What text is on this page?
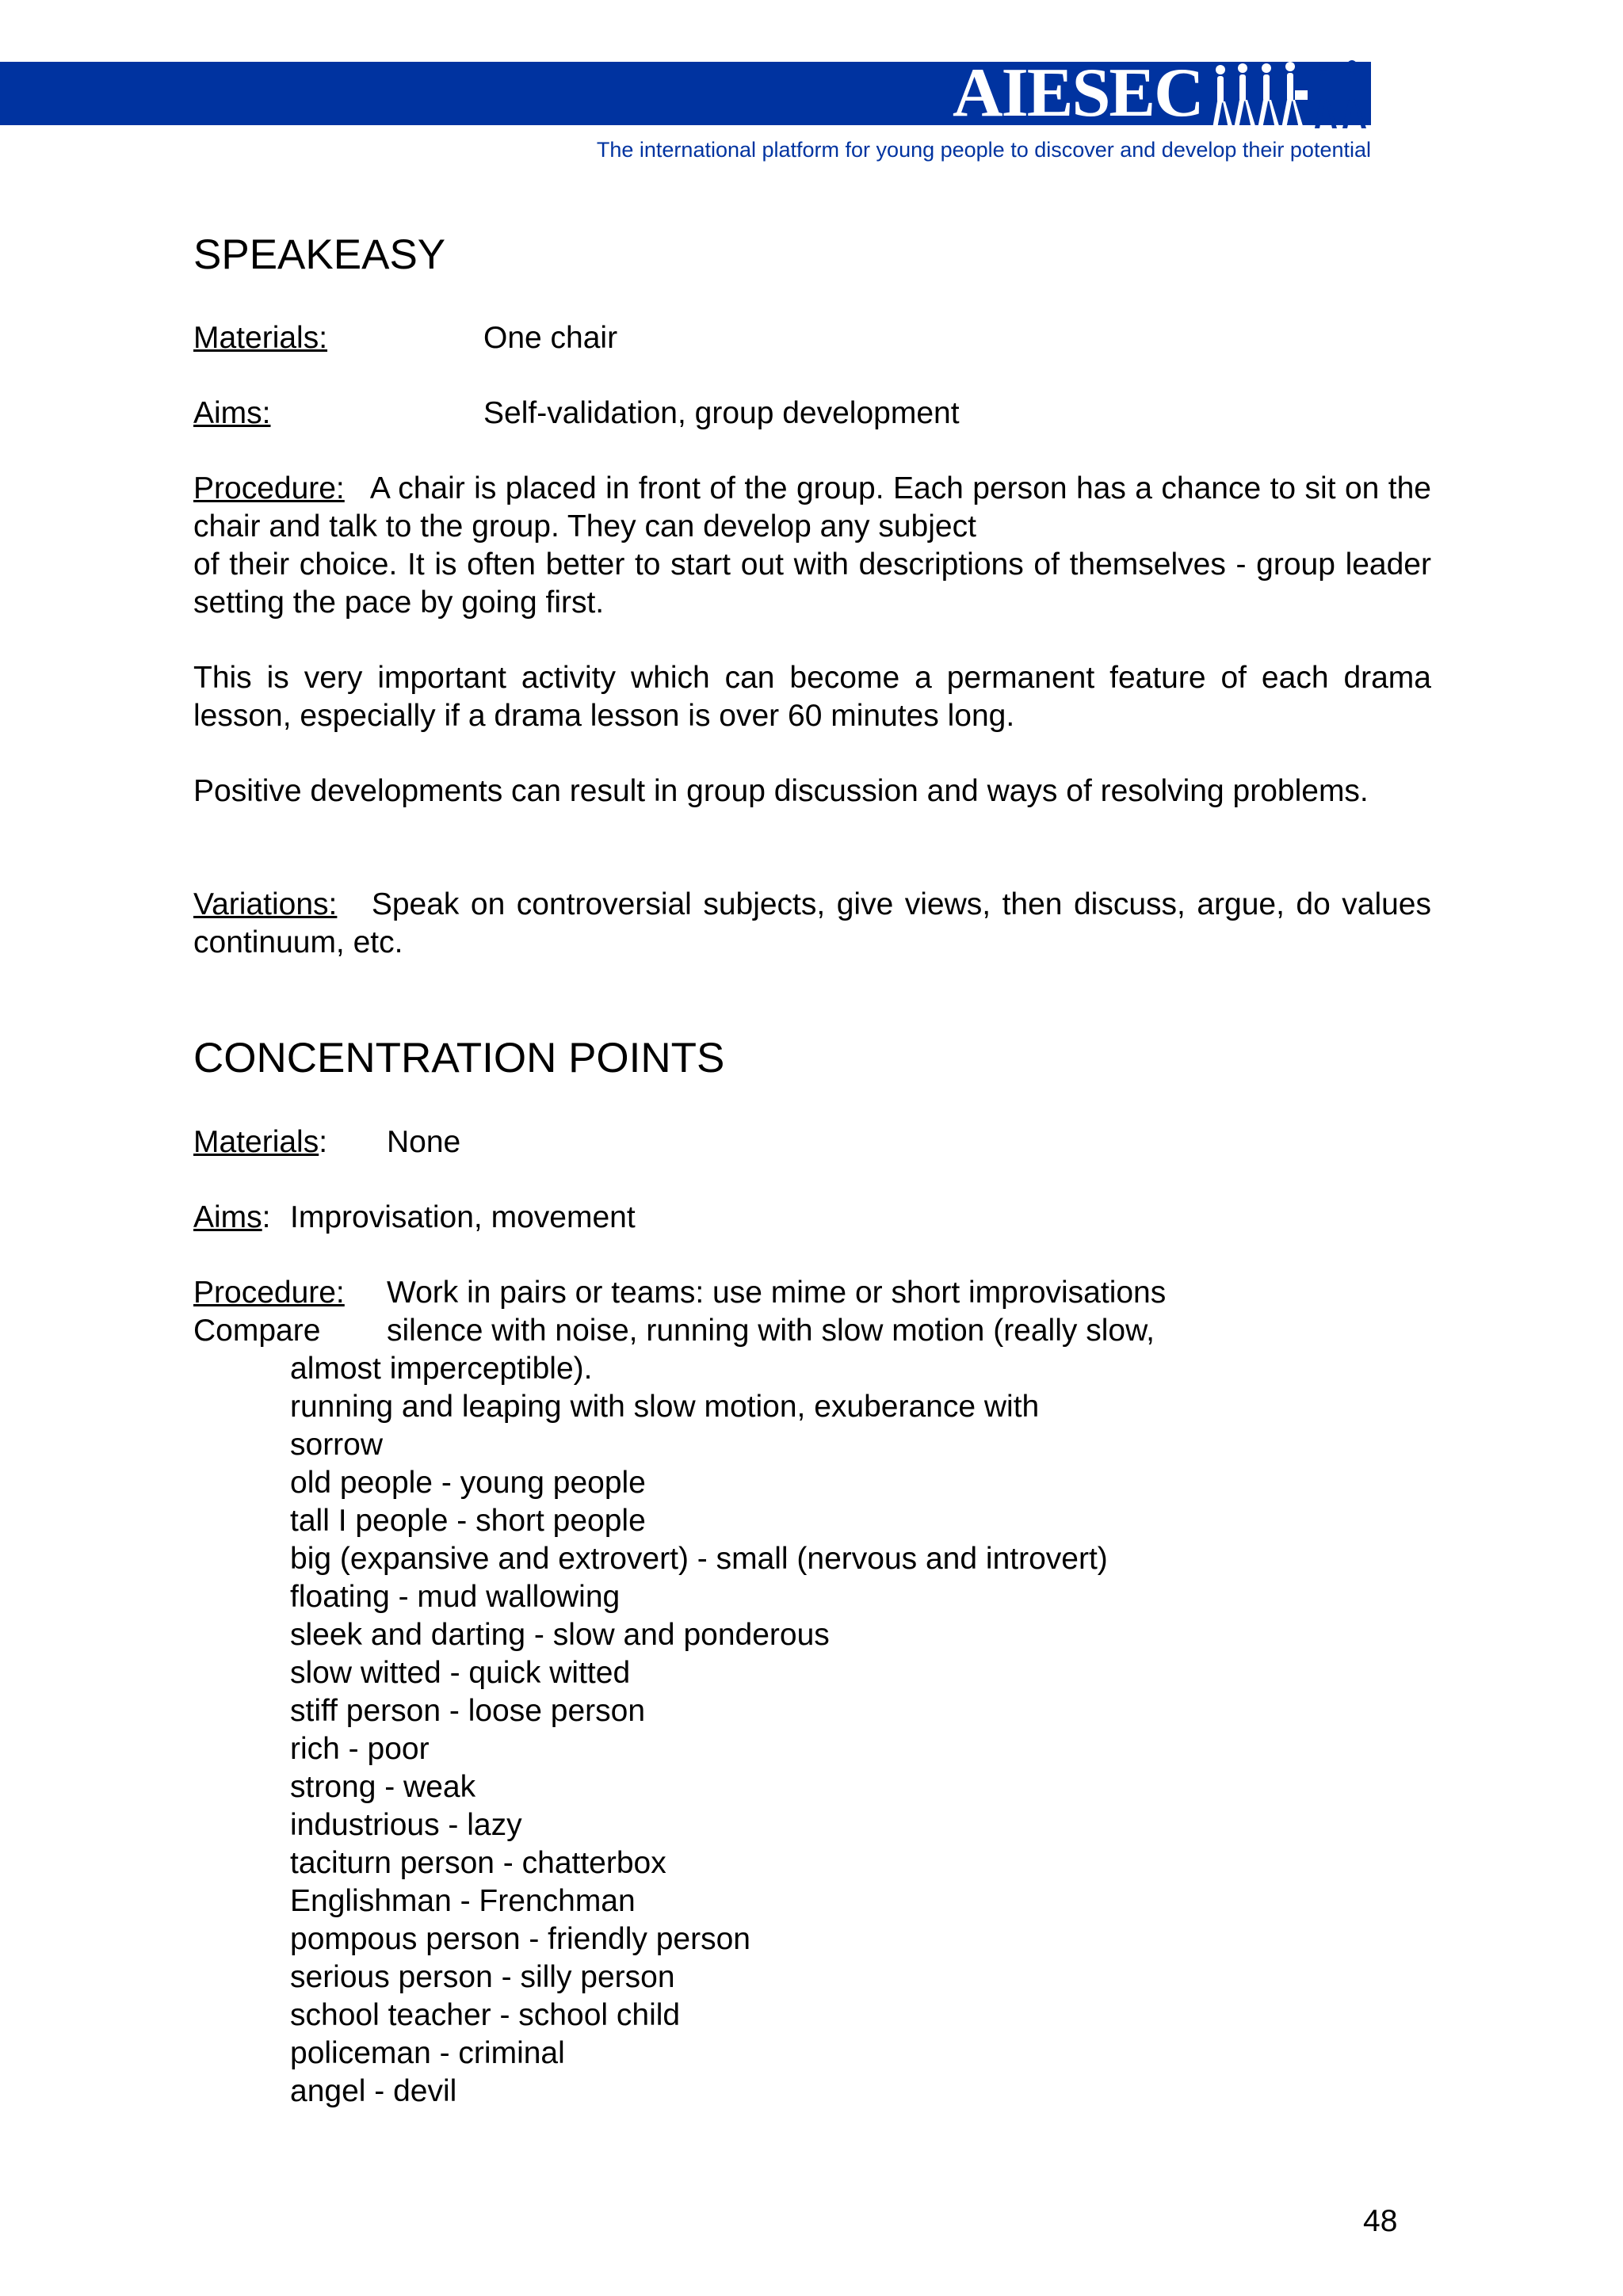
AIESEC
The international platform for young people to discover and develop their potential
SPEAKEASY

Materials:	One chair

Aims:	Self-validation, group development

Procedure: A chair is placed in front of the group. Each person has a chance to sit on the chair and talk to the group. They can develop any subject

of their choice. It is often better to start out with descriptions of themselves - group leader setting the pace by going first.

This is very important activity which can become a permanent feature of each drama lesson, especially if a drama lesson is over 60 minutes long.

Positive developments can result in group discussion and ways of resolving problems.

Variations: Speak on controversial subjects, give views, then discuss, argue, do values continuum, etc.

CONCENTRATION POINTS

Materials: None

Aims: Improvisation, movement

Procedure: Work in pairs or teams: use mime or short improvisations

Compare silence with noise, running with slow motion (really slow,

almost imperceptible).

running and leaping with slow motion, exuberance with

sorrow

old people - young people

tall I people - short people

big (expansive and extrovert) - small (nervous and introvert)

floating - mud wallowing

sleek and darting - slow and ponderous

slow witted - quick witted

stiff person - loose person

rich - poor

strong - weak

industrious - lazy

taciturn person - chatterbox

Englishman - Frenchman

pompous person - friendly person

serious person - silly person

school teacher - school child

policeman - criminal

angel - devil

48
